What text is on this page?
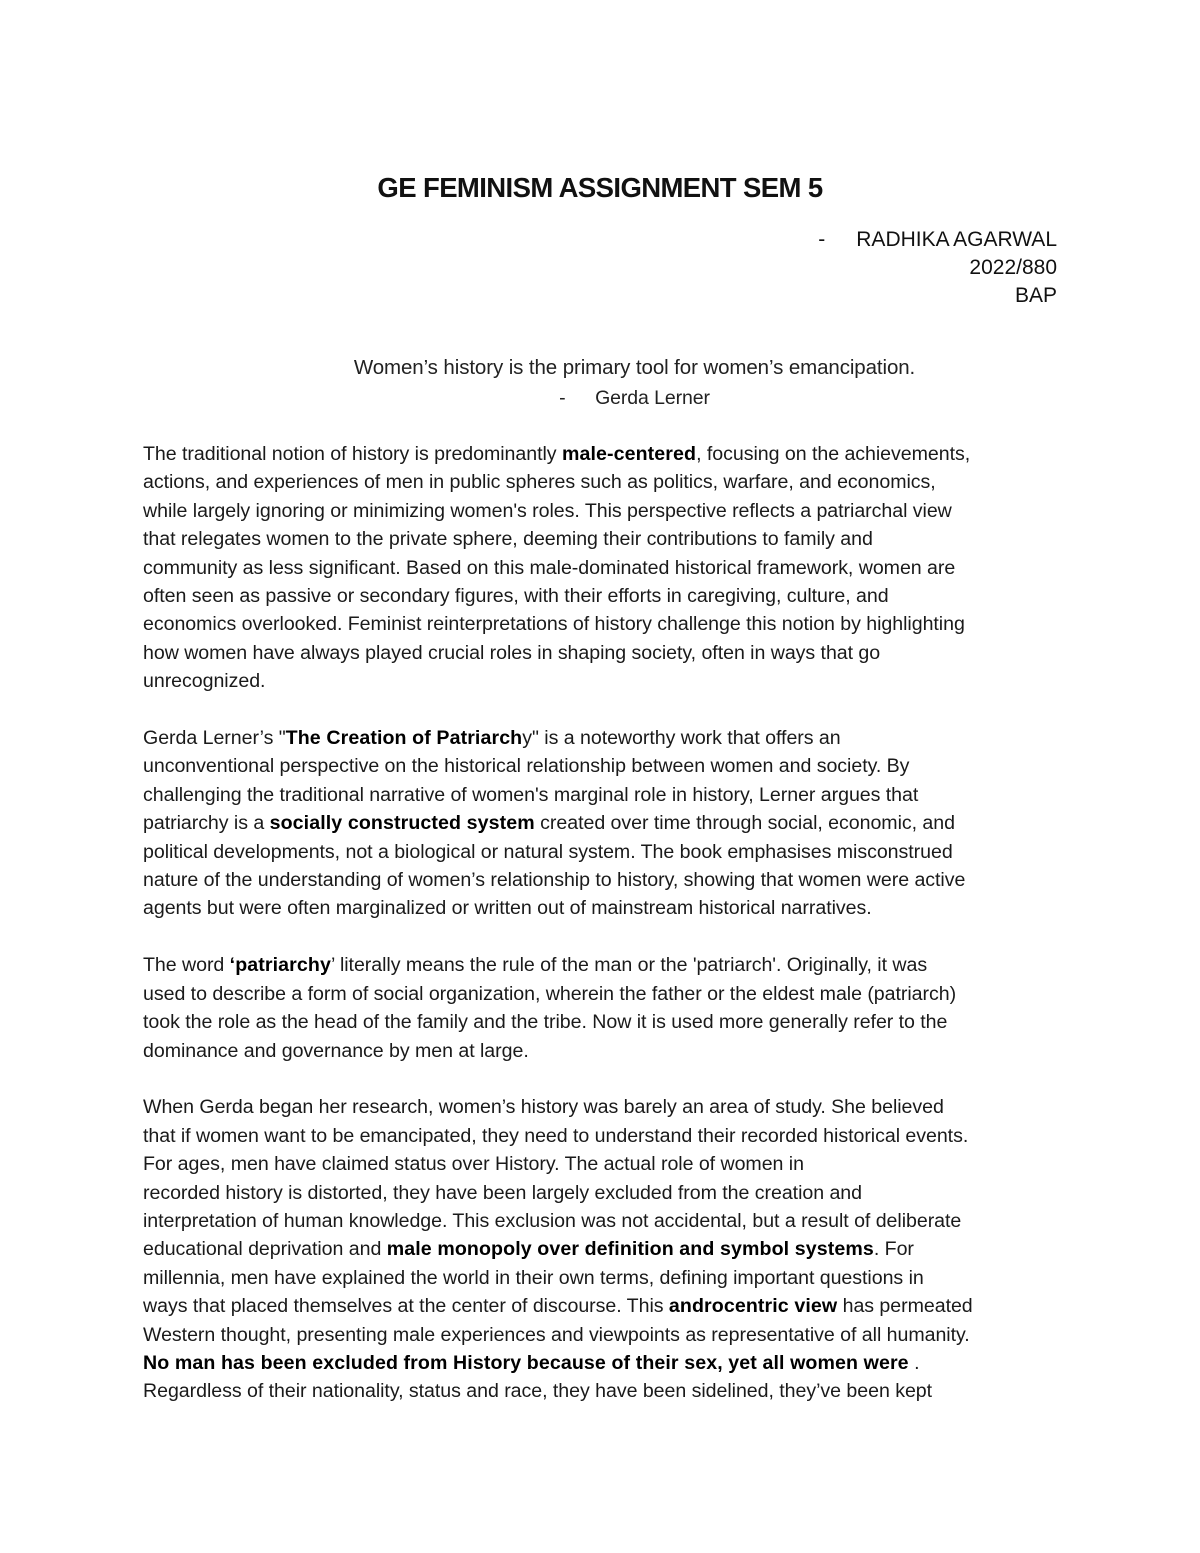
GE FEMINISM ASSIGNMENT SEM 5
- RADHIKA AGARWAL
2022/880
BAP
Women’s history is the primary tool for women’s emancipation.
- Gerda Lerner

The traditional notion of history is predominantly male-centered, focusing on the achievements,
actions, and experiences of men in public spheres such as politics, warfare, and economics,
while largely ignoring or minimizing women's roles. This perspective reflects a patriarchal view
that relegates women to the private sphere, deeming their contributions to family and
community as less significant. Based on this male-dominated historical framework, women are
often seen as passive or secondary figures, with their efforts in caregiving, culture, and
economics overlooked. Feminist reinterpretations of history challenge this notion by highlighting
how women have always played crucial roles in shaping society, often in ways that go
unrecognized.

Gerda Lerner’s "The Creation of Patriarchy" is a noteworthy work that offers an
unconventional perspective on the historical relationship between women and society. By
challenging the traditional narrative of women's marginal role in history, Lerner argues that
patriarchy is a socially constructed system created over time through social, economic, and
political developments, not a biological or natural system. The book emphasises misconstrued
nature of the understanding of women’s relationship to history, showing that women were active
agents but were often marginalized or written out of mainstream historical narratives.

The word ‘patriarchy’ literally means the rule of the man or the 'patriarch'. Originally, it was
used to describe a form of social organization, wherein the father or the eldest male (patriarch)
took the role as the head of the family and the tribe. Now it is used more generally refer to the
dominance and governance by men at large.

When Gerda began her research, women’s history was barely an area of study. She believed
that if women want to be emancipated, they need to understand their recorded historical events.
For ages, men have claimed status over History. The actual role of women in
recorded history is distorted, they have been largely excluded from the creation and
interpretation of human knowledge. This exclusion was not accidental, but a result of deliberate
educational deprivation and male monopoly over definition and symbol systems. For
millennia, men have explained the world in their own terms, defining important questions in
ways that placed themselves at the center of discourse. This androcentric view has permeated
Western thought, presenting male experiences and viewpoints as representative of all humanity.
No man has been excluded from History because of their sex, yet all women were .
Regardless of their nationality, status and race, they have been sidelined, they’ve been kept
